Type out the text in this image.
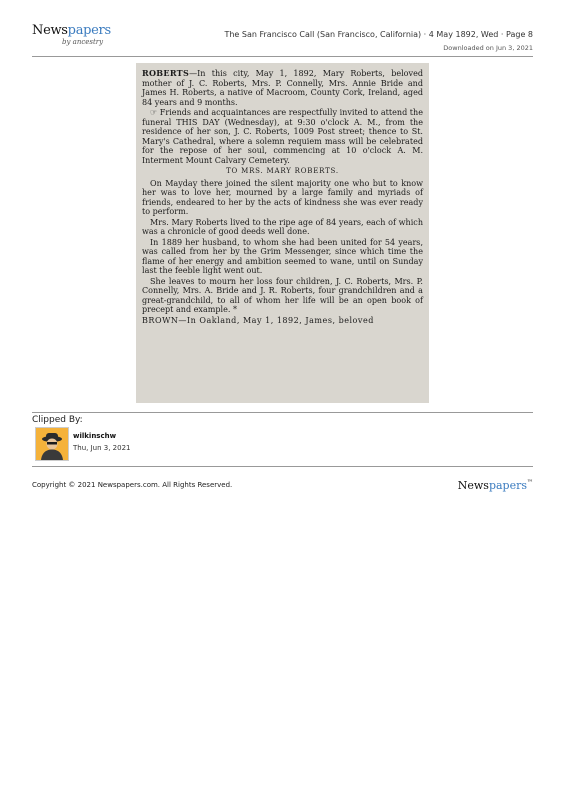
Newspapers
by ancestry
The San Francisco Call (San Francisco, California) · 4 May 1892, Wed · Page 8
Downloaded on Jun 3, 2021

ROBERTS—In this city, May 1, 1892, Mary Roberts, beloved mother of J. C. Roberts, Mrs. P. Connelly, Mrs. Annie Bride and James H. Roberts, a native of Macroom, County Cork, Ireland, aged 84 years and 9 months.

☞ Friends and acquaintances are respectfully invited to attend the funeral THIS DAY (Wednesday), at 9:30 o'clock A. M., from the residence of her son, J. C. Roberts, 1009 Post street; thence to St. Mary's Cathedral, where a solemn requiem mass will be celebrated for the repose of her soul, commencing at 10 o'clock A. M. Interment Mount Calvary Cemetery.

TO MRS. MARY ROBERTS.

On Mayday there joined the silent majority one who but to know her was to love her, mourned by a large family and myriads of friends, endeared to her by the acts of kindness she was ever ready to perform.

Mrs. Mary Roberts lived to the ripe age of 84 years, each of which was a chronicle of good deeds well done.

In 1889 her husband, to whom she had been united for 54 years, was called from her by the Grim Messenger, since which time the flame of her energy and ambition seemed to wane, until on Sunday last the feeble light went out.

She leaves to mourn her loss four children, J. C. Roberts, Mrs. P. Connelly, Mrs. A. Bride and J. R. Roberts, four grandchildren and a great-grandchild, to all of whom her life will be an open book of precept and example. *

BROWN—In Oakland, May 1, 1892, James, beloved

Clipped By:
wilkinschw
Thu, Jun 3, 2021
Copyright © 2021 Newspapers.com. All Rights Reserved.	Newspapers™
